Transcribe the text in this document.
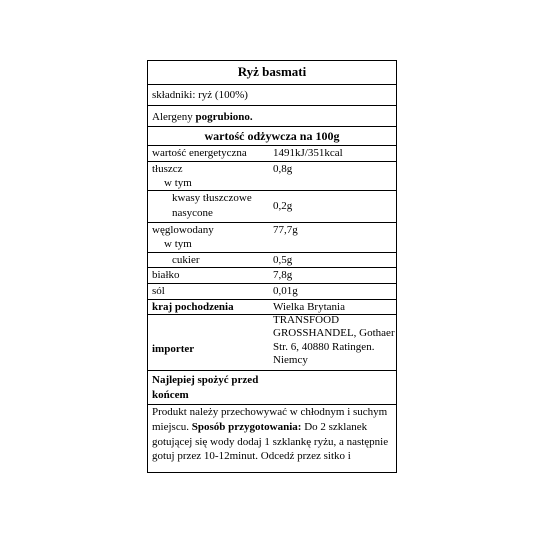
Ryż basmati
składniki: ryż (100%)
Alergeny pogrubiono.
wartość odżywcza na 100g
wartość energetyczna 1491kJ/351kcal
tłuszcz	0,8g
w tym
kwasy tłuszczowe
nasycone
0,2g
węglowodany	77,7g
w tym
cukier	0,5g
białko	7,8g
sól	0,01g
kraj pochodzenia	Wielka Brytania
importer
TRANSFOOD
GROSSHANDEL, Gothaer
Str. 6, 40880 Ratingen.
Niemcy
Najlepiej spożyć przed
końcem
Produkt należy przechowywać w chłodnym i suchym
miejscu. Sposób przygotowania: Do 2 szklanek
gotującej się wody dodaj 1 szklankę ryżu, a następnie
gotuj przez 10-12minut. Odcedź przez sitko i
